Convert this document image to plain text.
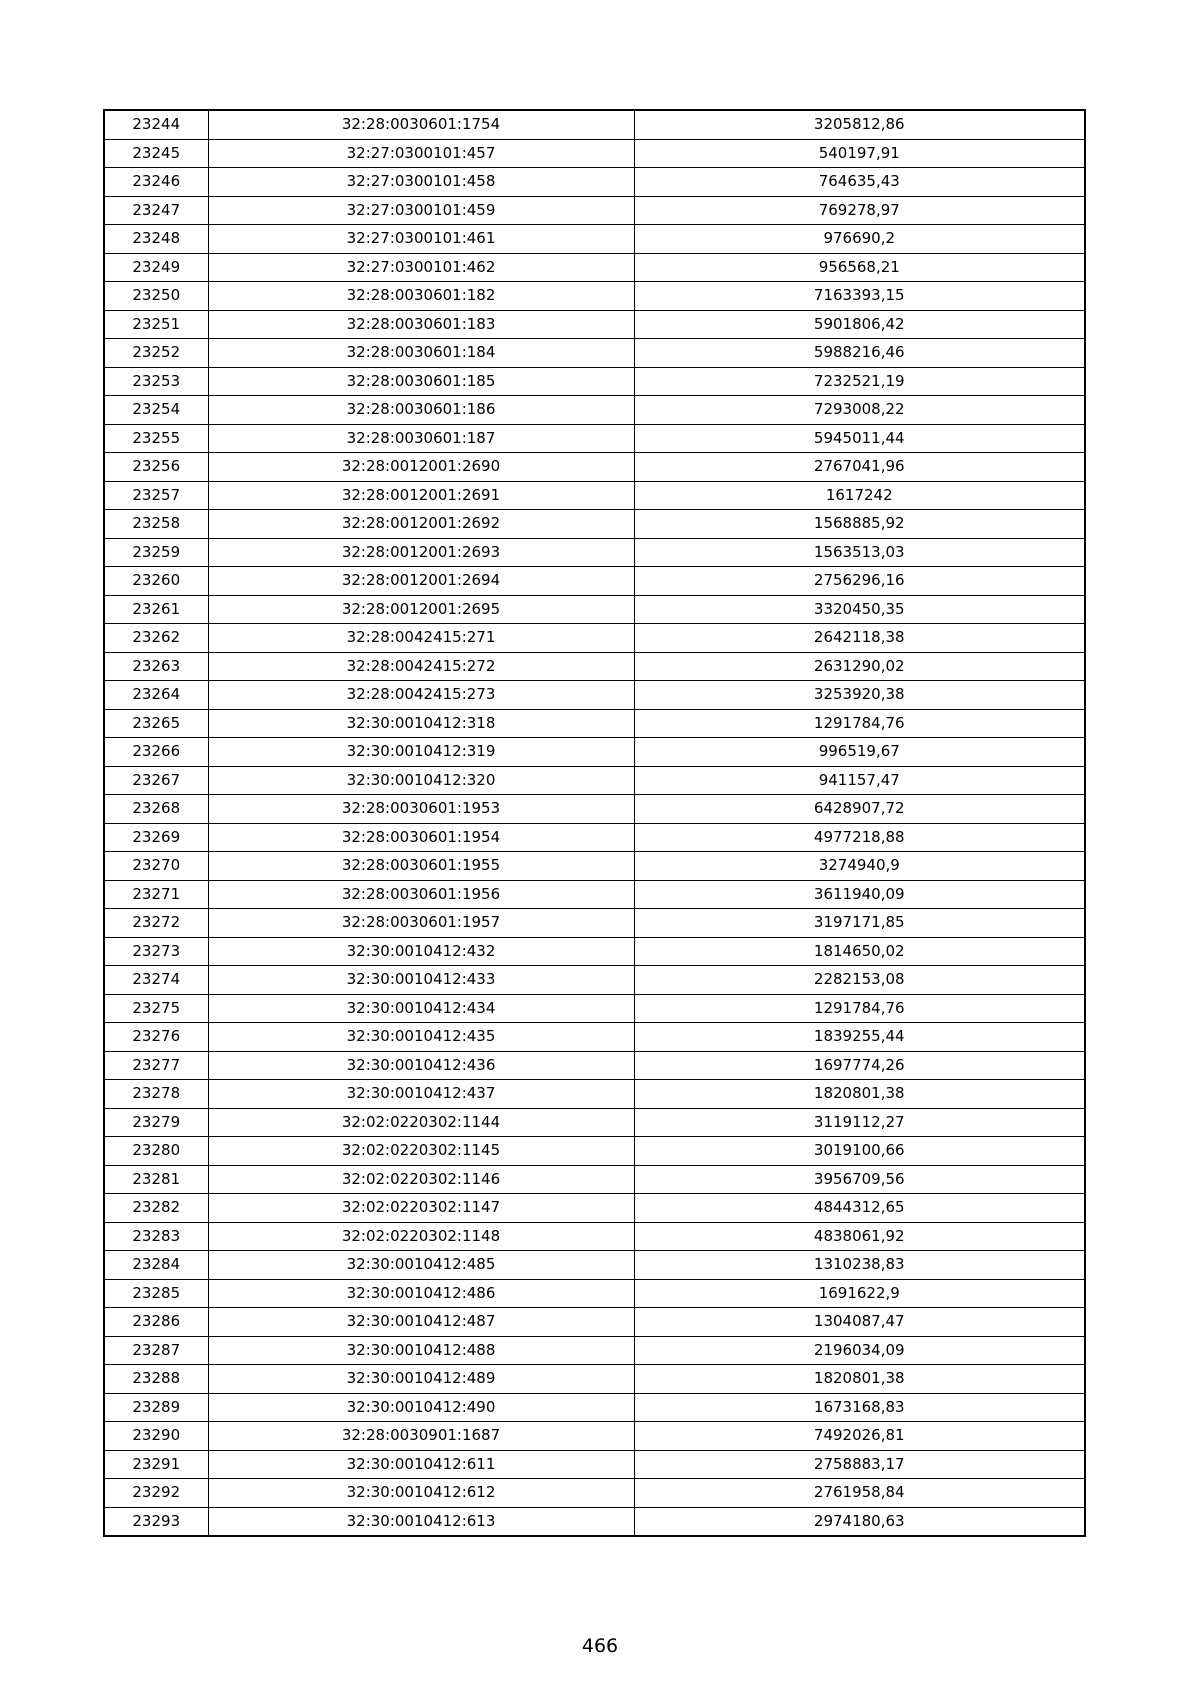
23244	32:28:0030601:1754	3205812,86
23245	32:27:0300101:457	540197,91
23246	32:27:0300101:458	764635,43
23247	32:27:0300101:459	769278,97
23248	32:27:0300101:461	976690,2
23249	32:27:0300101:462	956568,21
23250	32:28:0030601:182	7163393,15
23251	32:28:0030601:183	5901806,42
23252	32:28:0030601:184	5988216,46
23253	32:28:0030601:185	7232521,19
23254	32:28:0030601:186	7293008,22
23255	32:28:0030601:187	5945011,44
23256	32:28:0012001:2690	2767041,96
23257	32:28:0012001:2691	1617242
23258	32:28:0012001:2692	1568885,92
23259	32:28:0012001:2693	1563513,03
23260	32:28:0012001:2694	2756296,16
23261	32:28:0012001:2695	3320450,35
23262	32:28:0042415:271	2642118,38
23263	32:28:0042415:272	2631290,02
23264	32:28:0042415:273	3253920,38
23265	32:30:0010412:318	1291784,76
23266	32:30:0010412:319	996519,67
23267	32:30:0010412:320	941157,47
23268	32:28:0030601:1953	6428907,72
23269	32:28:0030601:1954	4977218,88
23270	32:28:0030601:1955	3274940,9
23271	32:28:0030601:1956	3611940,09
23272	32:28:0030601:1957	3197171,85
23273	32:30:0010412:432	1814650,02
23274	32:30:0010412:433	2282153,08
23275	32:30:0010412:434	1291784,76
23276	32:30:0010412:435	1839255,44
23277	32:30:0010412:436	1697774,26
23278	32:30:0010412:437	1820801,38
23279	32:02:0220302:1144	3119112,27
23280	32:02:0220302:1145	3019100,66
23281	32:02:0220302:1146	3956709,56
23282	32:02:0220302:1147	4844312,65
23283	32:02:0220302:1148	4838061,92
23284	32:30:0010412:485	1310238,83
23285	32:30:0010412:486	1691622,9
23286	32:30:0010412:487	1304087,47
23287	32:30:0010412:488	2196034,09
23288	32:30:0010412:489	1820801,38
23289	32:30:0010412:490	1673168,83
23290	32:28:0030901:1687	7492026,81
23291	32:30:0010412:611	2758883,17
23292	32:30:0010412:612	2761958,84
23293	32:30:0010412:613	2974180,63
466
